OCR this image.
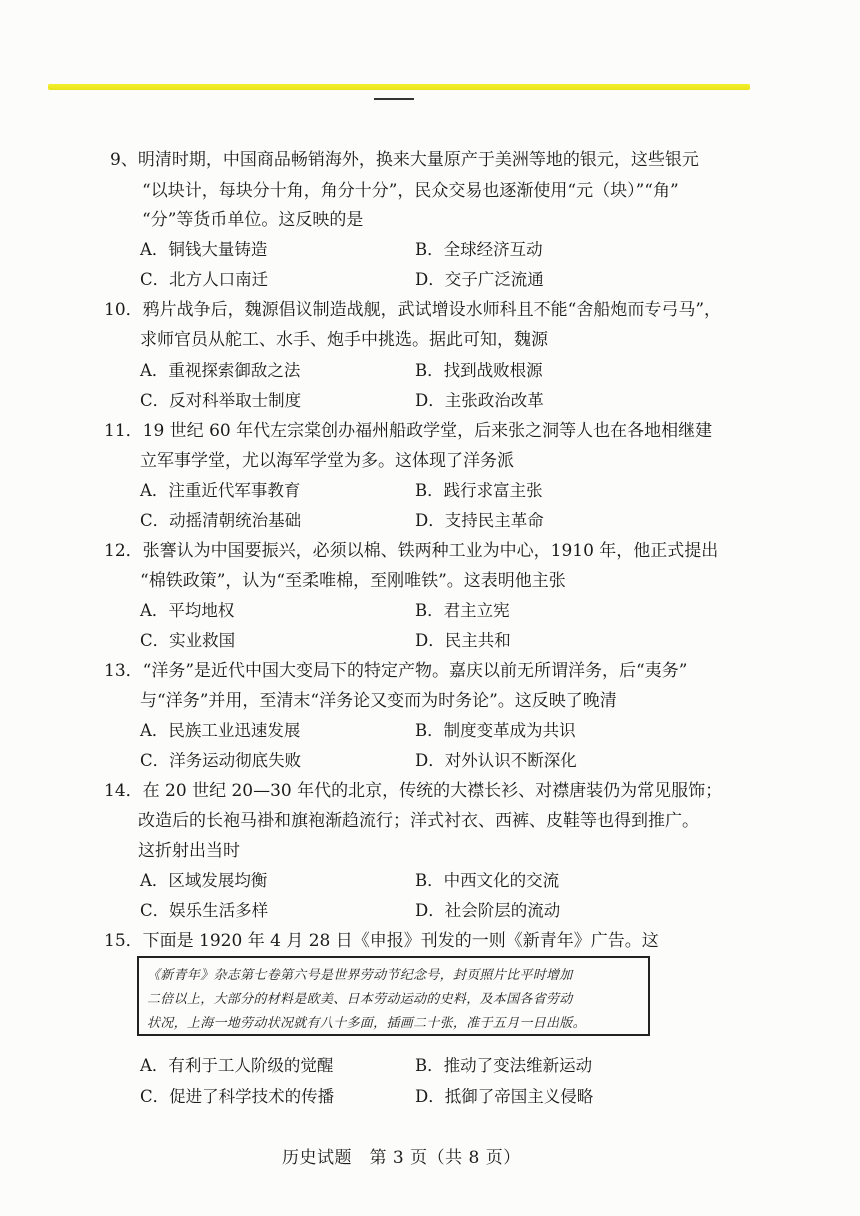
9、明清时期，中国商品畅销海外，换来大量原产于美洲等地的银元，这些银元
“以块计，每块分十角，角分十分”，民众交易也逐渐使用“元（块）”“角”
“分”等货币单位。这反映的是
A．铜钱大量铸造	B．全球经济互动
C．北方人口南迁	D．交子广泛流通
10．鸦片战争后，魏源倡议制造战舰，武试增设水师科且不能“舍船炮而专弓马”，
求师官员从舵工、水手、炮手中挑选。据此可知，魏源
A．重视探索御敌之法	B．找到战败根源
C．反对科举取士制度	D．主张政治改革
11．19 世纪 60 年代左宗棠创办福州船政学堂，后来张之洞等人也在各地相继建
立军事学堂，尤以海军学堂为多。这体现了洋务派
A．注重近代军事教育	B．践行求富主张
C．动摇清朝统治基础	D．支持民主革命
12．张謇认为中国要振兴，必须以棉、铁两种工业为中心，1910 年，他正式提出
“棉铁政策”，认为“至柔唯棉，至刚唯铁”。这表明他主张
A．平均地权	B．君主立宪
C．实业救国	D．民主共和
13．“洋务”是近代中国大变局下的特定产物。嘉庆以前无所谓洋务，后“夷务”
与“洋务”并用，至清末“洋务论又变而为时务论”。这反映了晚清
A．民族工业迅速发展	B．制度变革成为共识
C．洋务运动彻底失败	D．对外认识不断深化
14．在 20 世纪 20—30 年代的北京，传统的大襟长衫、对襟唐装仍为常见服饰；
改造后的长袍马褂和旗袍渐趋流行；洋式衬衣、西裤、皮鞋等也得到推广。
这折射出当时
A．区域发展均衡	B．中西文化的交流
C．娱乐生活多样	D．社会阶层的流动
15．下面是 1920 年 4 月 28 日《申报》刊发的一则《新青年》广告。这

《新青年》杂志第七卷第六号是世界劳动节纪念号，封页照片比平时增加

二倍以上，大部分的材料是欧美、日本劳动运动的史料，及本国各省劳动

状况，上海一地劳动状况就有八十多面，插画二十张，准于五月一日出版。

A．有利于工人阶级的觉醒	B．推动了变法维新运动
C．促进了科学技术的传播	D．抵御了帝国主义侵略
历史试题　第 3 页（共 8 页）
